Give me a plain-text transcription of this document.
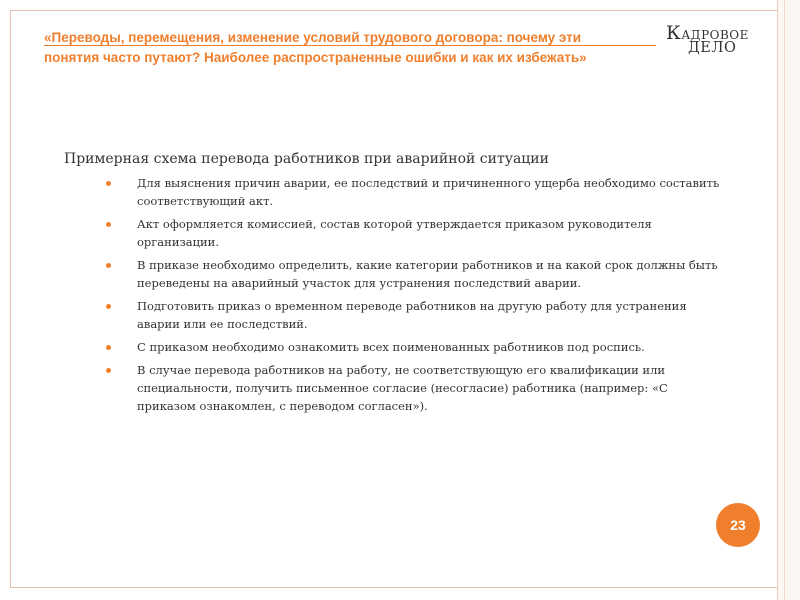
«Переводы, перемещения, изменение условий трудового договора: почему эти
понятия часто путают? Наиболее распространенные ошибки и как их избежать»
КАДРОВОЕ
ДЕЛО
Примерная схема перевода работников при аварийной ситуации
Для выяснения причин аварии, ее последствий и причиненного ущерба необходимо составить соответствующий акт.
Акт оформляется комиссией, состав которой утверждается приказом руководителя организации.
В приказе необходимо определить, какие категории работников и на какой срок должны быть переведены на аварийный участок для устранения последствий аварии.
Подготовить приказ о временном переводе работников на другую работу для устранения аварии или ее последствий.
С приказом необходимо ознакомить всех поименованных работников под роспись.
В случае перевода работников на работу, не соответствующую его квалификации или специальности, получить письменное согласие (несогласие) работника (например: «С приказом ознакомлен, с переводом согласен»).
23
